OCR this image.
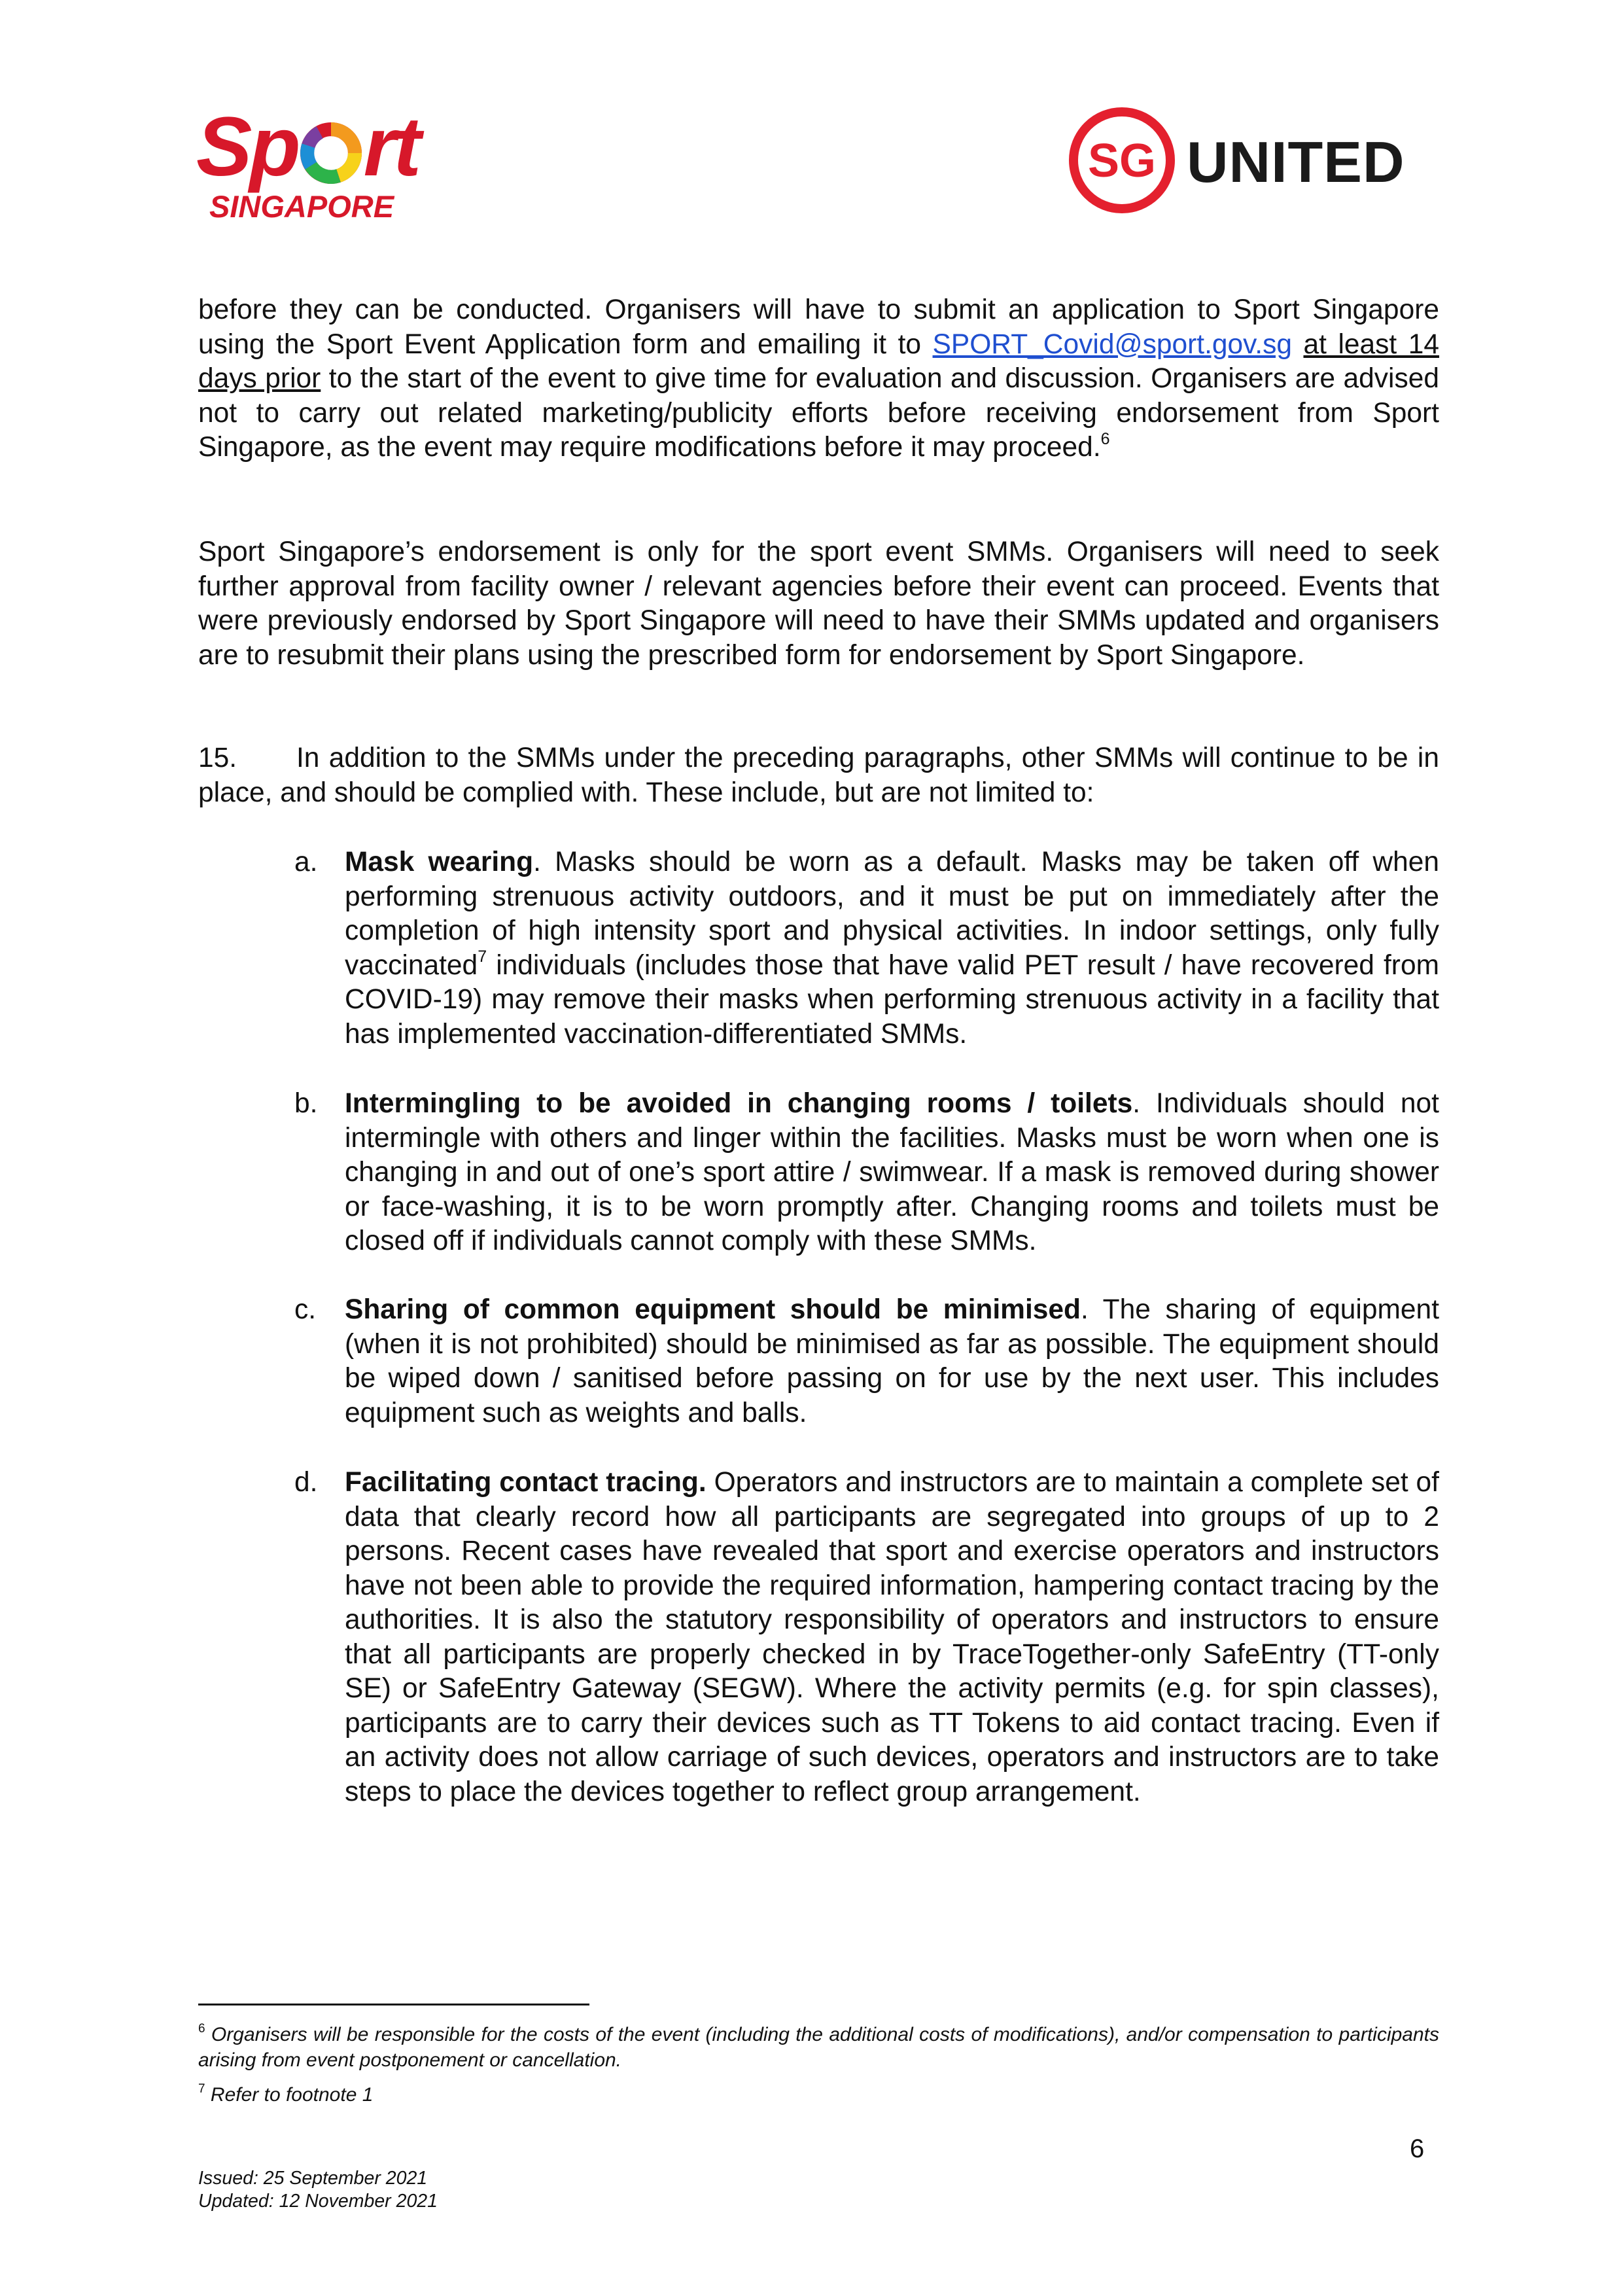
Sp rt
SINGAPORE
SG UNITED

before they can be conducted. Organisers will have to submit an application to Sport Singapore using the Sport Event Application form and emailing it to SPORT_Covid@sport.gov.sg at least 14 days prior to the start of the event to give time for evaluation and discussion. Organisers are advised not to carry out related marketing/publicity efforts before receiving endorsement from Sport Singapore, as the event may require modifications before it may proceed.$^6$

Sport Singapore’s endorsement is only for the sport event SMMs. Organisers will need to seek further approval from facility owner / relevant agencies before their event can proceed. Events that were previously endorsed by Sport Singapore will need to have their SMMs updated and organisers are to resubmit their plans using the prescribed form for endorsement by Sport Singapore.

15. In addition to the SMMs under the preceding paragraphs, other SMMs will continue to be in place, and should be complied with. These include, but are not limited to:

a. Mask wearing. Masks should be worn as a default. Masks may be taken off when performing strenuous activity outdoors, and it must be put on immediately after the completion of high intensity sport and physical activities. In indoor settings, only fully vaccinated$^7$ individuals (includes those that have valid PET result / have recovered from COVID-19) may remove their masks when performing strenuous activity in a facility that has implemented vaccination-differentiated SMMs.

b. Intermingling to be avoided in changing rooms / toilets. Individuals should not intermingle with others and linger within the facilities. Masks must be worn when one is changing in and out of one’s sport attire / swimwear. If a mask is removed during shower or face-washing, it is to be worn promptly after. Changing rooms and toilets must be closed off if individuals cannot comply with these SMMs.

c.	Sharing of common equipment should be minimised. The sharing of equipment (when it is not prohibited) should be minimised as far as possible. The equipment should be wiped down / sanitised before passing on for use by the next user. This includes equipment such as weights and balls.

d. Facilitating contact tracing. Operators and instructors are to maintain a complete set of data that clearly record how all participants are segregated into groups of up to 2 persons. Recent cases have revealed that sport and exercise operators and instructors have not been able to provide the required information, hampering contact tracing by the authorities. It is also the statutory responsibility of operators and instructors to ensure that all participants are properly checked in by TraceTogether-only SafeEntry (TT-only SE) or SafeEntry Gateway (SEGW). Where the activity permits (e.g. for spin classes), participants are to carry their devices such as TT Tokens to aid contact tracing. Even if an activity does not allow carriage of such devices, operators and instructors are to take steps to place the devices together to reflect group arrangement.

$^6$ Organisers will be responsible for the costs of the event (including the additional costs of modifications), and/or compensation to participants arising from event postponement or cancellation.

$^7$ Refer to footnote 1

6
Issued: 25 September 2021
Updated: 12 November 2021
